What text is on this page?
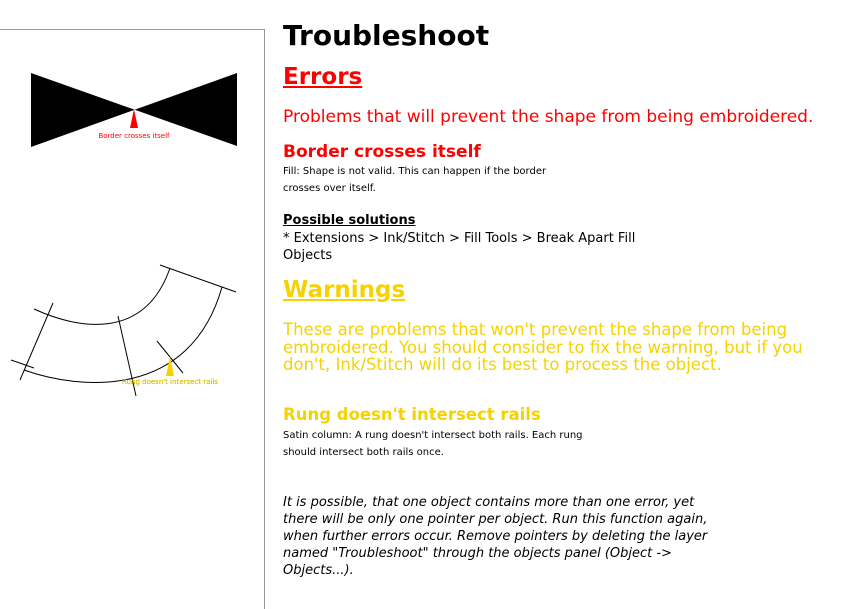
Border crosses itself
Rung doesn't intersect rails
Troubleshoot
Errors

Problems that will prevent the shape from being embroidered.

Border crosses itself

Fill: Shape is not valid. This can happen if the border crosses over itself.

Possible solutions

* Extensions > Ink/Stitch > Fill Tools > Break Apart Fill Objects

Warnings

These are problems that won't prevent the shape from being embroidered. You should consider to fix the warning, but if you don't, Ink/Stitch will do its best to process the object.

Rung doesn't intersect rails

Satin column: A rung doesn't intersect both rails. Each rung should intersect both rails once.

It is possible, that one object contains more than one error, yet there will be only one pointer per object. Run this function again, when further errors occur. Remove pointers by deleting the layer named "Troubleshoot" through the objects panel (Object -> Objects...).
